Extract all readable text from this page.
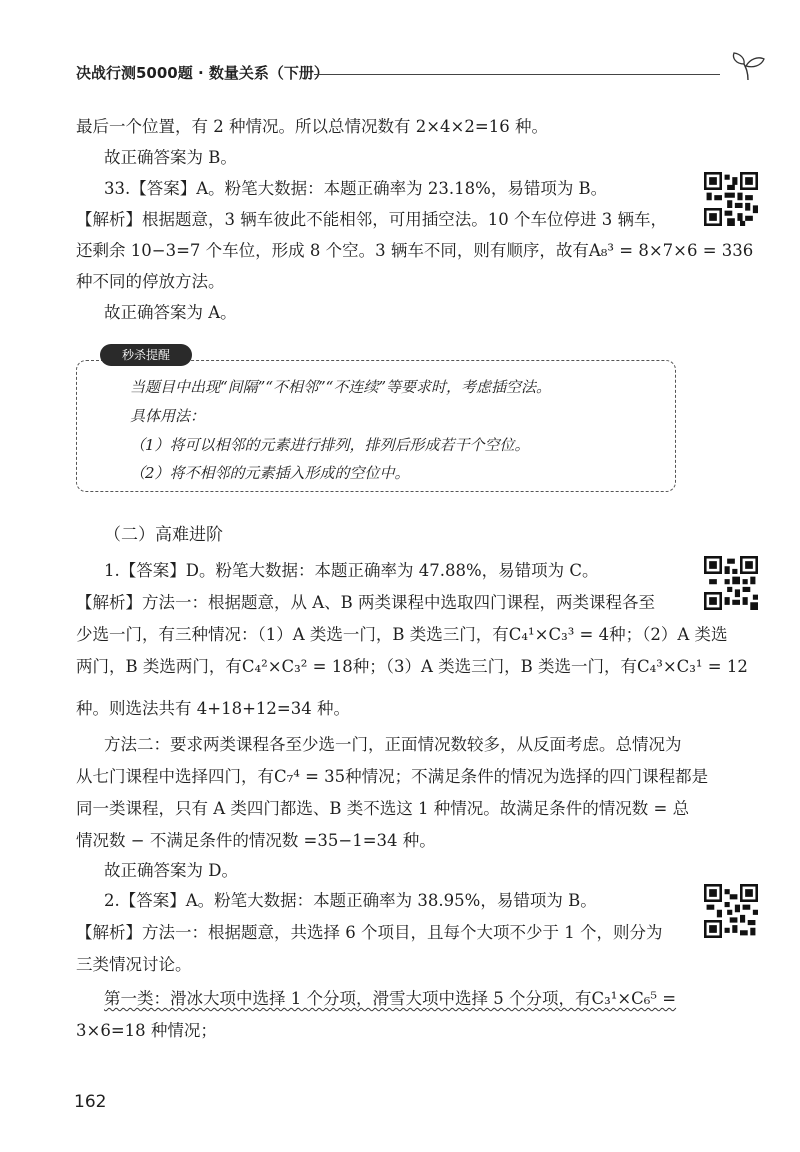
决战行测5000题 · 数量关系（下册）
最后一个位置，有 2 种情况。所以总情况数有 2×4×2=16 种。
故正确答案为 B。
33.【答案】A。粉笔大数据：本题正确率为 23.18%，易错项为 B。
【解析】根据题意，3 辆车彼此不能相邻，可用插空法。10 个车位停进 3 辆车，
还剩余 10−3=7 个车位，形成 8 个空。3 辆车不同，则有顺序，故有A₈³ = 8×7×6 = 336
种不同的停放方法。
故正确答案为 A。
秒杀提醒
当题目中出现“间隔”“不相邻”“不连续”等要求时，考虑插空法。
具体用法：
（1）将可以相邻的元素进行排列，排列后形成若干个空位。
（2）将不相邻的元素插入形成的空位中。
（二）高难进阶
1.【答案】D。粉笔大数据：本题正确率为 47.88%，易错项为 C。
【解析】方法一：根据题意，从 A、B 两类课程中选取四门课程，两类课程各至
少选一门，有三种情况：（1）A 类选一门，B 类选三门，有C₄¹×C₃³ = 4种；（2）A 类选
两门，B 类选两门，有C₄²×C₃² = 18种；（3）A 类选三门，B 类选一门，有C₄³×C₃¹ = 12
种。则选法共有 4+18+12=34 种。
方法二：要求两类课程各至少选一门，正面情况数较多，从反面考虑。总情况为
从七门课程中选择四门，有C₇⁴ = 35种情况；不满足条件的情况为选择的四门课程都是
同一类课程，只有 A 类四门都选、B 类不选这 1 种情况。故满足条件的情况数 = 总
情况数 − 不满足条件的情况数 =35−1=34 种。
故正确答案为 D。
2.【答案】A。粉笔大数据：本题正确率为 38.95%，易错项为 B。
【解析】方法一：根据题意，共选择 6 个项目，且每个大项不少于 1 个，则分为
三类情况讨论。
第一类：滑冰大项中选择 1 个分项，滑雪大项中选择 5 个分项，有C₃¹×C₆⁵ =
3×6=18 种情况；
162
